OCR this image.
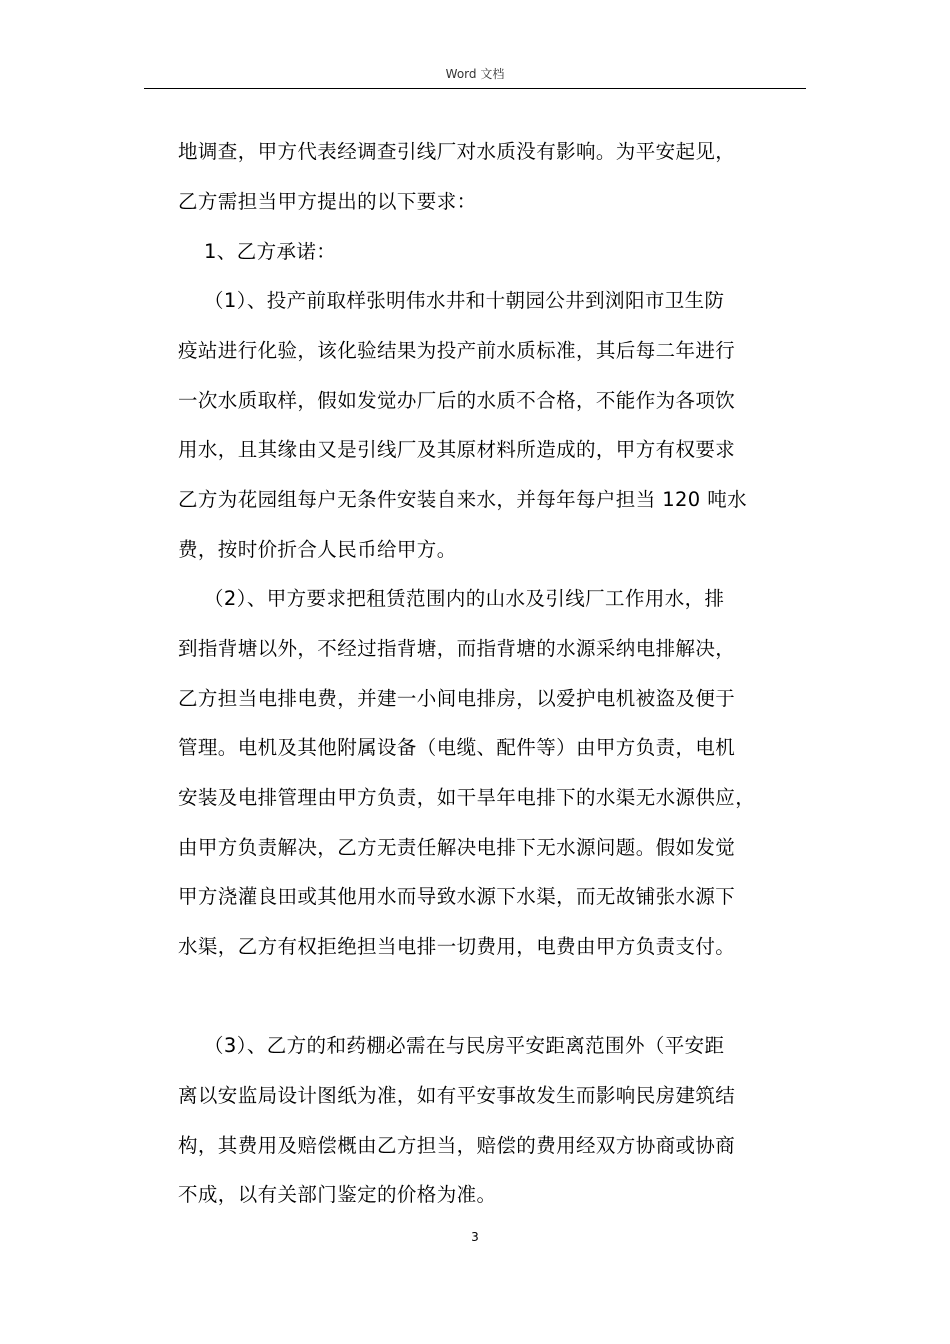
Word 文档
地调查，甲方代表经调查引线厂对水质没有影响。为平安起见，
乙方需担当甲方提出的以下要求：
1、乙方承诺：
（1）、投产前取样张明伟水井和十朝园公井到浏阳市卫生防
疫站进行化验，该化验结果为投产前水质标准，其后每二年进行
一次水质取样，假如发觉办厂后的水质不合格，不能作为各项饮
用水，且其缘由又是引线厂及其原材料所造成的，甲方有权要求
乙方为花园组每户无条件安装自来水，并每年每户担当 120 吨水
费，按时价折合人民币给甲方。
（2）、甲方要求把租赁范围内的山水及引线厂工作用水，排
到指背塘以外，不经过指背塘，而指背塘的水源采纳电排解决，
乙方担当电排电费，并建一小间电排房，以爱护电机被盗及便于
管理。电机及其他附属设备（电缆、配件等）由甲方负责，电机
安装及电排管理由甲方负责，如干旱年电排下的水渠无水源供应，
由甲方负责解决，乙方无责任解决电排下无水源问题。假如发觉
甲方浇灌良田或其他用水而导致水源下水渠，而无故铺张水源下
水渠，乙方有权拒绝担当电排一切费用，电费由甲方负责支付。
（3）、乙方的和药棚必需在与民房平安距离范围外（平安距
离以安监局设计图纸为准，如有平安事故发生而影响民房建筑结
构，其费用及赔偿概由乙方担当，赔偿的费用经双方协商或协商
不成，以有关部门鉴定的价格为准。
3
